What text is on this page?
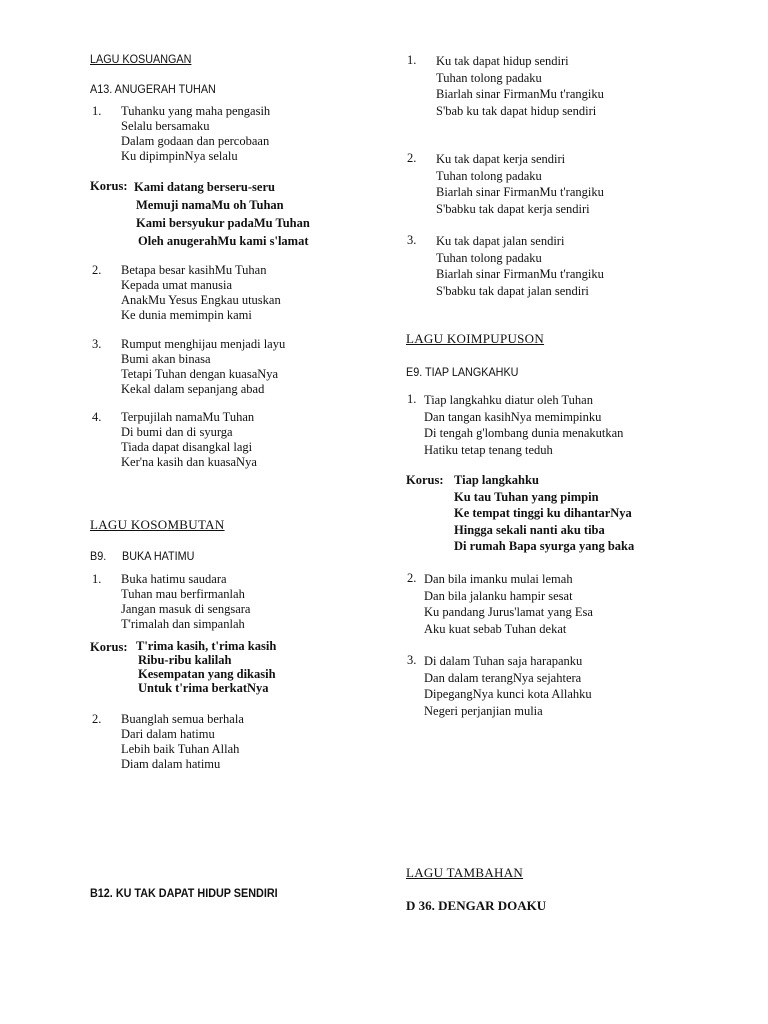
LAGU KOSUANGAN
A13. ANUGERAH TUHAN
1. Tuhanku yang maha pengasih
Selalu bersamaku
Dalam godaan dan percobaan
Ku dipimpinNya selalu
Korus: Kami datang berseru-seru
Memuji namaMu oh Tuhan
Kami bersyukur padaMu Tuhan
Oleh anugerahMu kami s'lamat
2. Betapa besar kasihMu Tuhan
Kepada umat manusia
AnakMu Yesus Engkau utuskan
Ke dunia memimpin kami
3. Rumput menghijau menjadi layu
Bumi akan binasa
Tetapi Tuhan dengan kuasaNya
Kekal dalam sepanjang abad
4. Terpujilah namaMu Tuhan
Di bumi dan di syurga
Tiada dapat disangkal lagi
Ker'na kasih dan kuasaNya
LAGU KOSOMBUTAN
B9. BUKA HATIMU
1. Buka hatimu saudara
Tuhan mau berfirmanlah
Jangan masuk di sengsara
T'rimalah dan simpanlah
Korus: T'rima kasih, t'rima kasih
Ribu-ribu kalilah
Kesempatan yang dikasih
Untuk t'rima berkatNya
2. Buanglah semua berhala
Dari dalam hatimu
Lebih baik Tuhan Allah
Diam dalam hatimu
B12. KU TAK DAPAT HIDUP SENDIRI
1. Ku tak dapat hidup sendiri
Tuhan tolong padaku
Biarlah sinar FirmanMu t'rangiku
S'bab ku tak dapat hidup sendiri
2. Ku tak dapat kerja sendiri
Tuhan tolong padaku
Biarlah sinar FirmanMu t'rangiku
S'babku tak dapat kerja sendiri
3. Ku tak dapat jalan sendiri
Tuhan tolong padaku
Biarlah sinar FirmanMu t'rangiku
S'babku tak dapat jalan sendiri
LAGU KOIMPUPUSON
E9. TIAP LANGKAHKU
1. Tiap langkahku diatur oleh Tuhan
Dan tangan kasihNya memimpinku
Di tengah g'lombang dunia menakutkan
Hatiku tetap tenang teduh
Korus: Tiap langkahku
Ku tau Tuhan yang pimpin
Ke tempat tinggi ku dihantarNya
Hingga sekali nanti aku tiba
Di rumah Bapa syurga yang baka
2. Dan bila imanku mulai lemah
Dan bila jalanku hampir sesat
Ku pandang Jurus'lamat yang Esa
Aku kuat sebab Tuhan dekat
3. Di dalam Tuhan saja harapanku
Dan dalam terangNya sejahtera
DipegangNya kunci kota Allahku
Negeri perjanjian mulia
LAGU TAMBAHAN
D 36. DENGAR DOAKU
